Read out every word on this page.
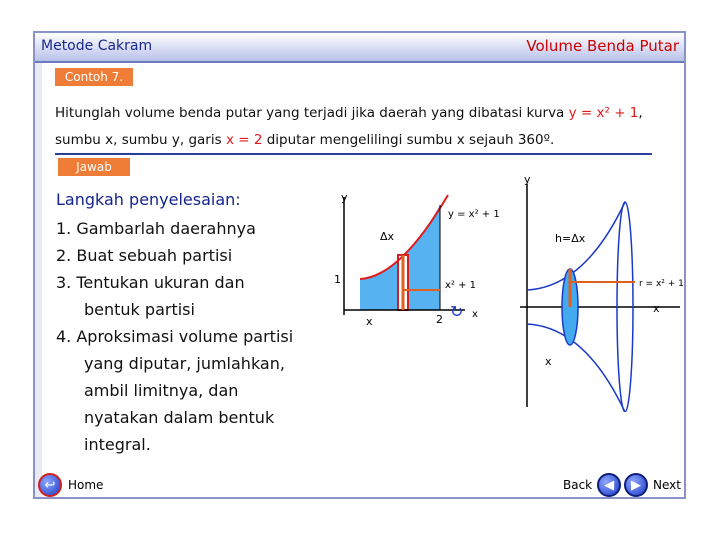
Metode Cakram	Volume Benda Putar
Contoh 7.
Hitunglah volume benda putar yang terjadi jika daerah yang dibatasi kurva y = x² + 1,
sumbu x, sumbu y, garis x = 2 diputar mengelilingi sumbu x sejauh 360º.
Jawab
Langkah penyelesaian:
1. Gambarlah daerahnya
2. Buat sebuah partisi
3. Tentukan ukuran dan
bentuk partisi
4. Aproksimasi volume partisi
yang diputar, jumlahkan,
ambil limitnya, dan
nyatakan dalam bentuk
integral.
y
y = x² + 1
Δx
1
x
x² + 1
2 ↻ x
y
h=Δx
r = x² + 1
x
x
↩	Home	Back ◀	▶	Next
